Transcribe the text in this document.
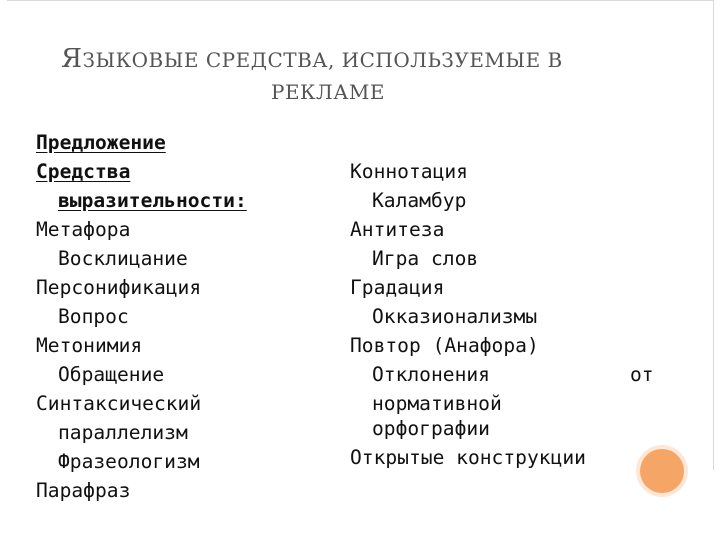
ЯЗЫКОВЫЕ СРЕДСТВА, ИСПОЛЬЗУЕМЫЕ В
РЕКЛАМЕ
Предложение
Средства
выразительности:
Метафора
Восклицание
Персонификация
Вопрос
Метонимия
Обращение
Синтаксический
параллелизм
Фразеологизм
Парафраз
Коннотация
Каламбур
Антитеза
Игра слов
Градация
Окказионализмы
Повтор (Анафора)
Отклонения
нормативной
орфографии
Открытые конструкции
от
